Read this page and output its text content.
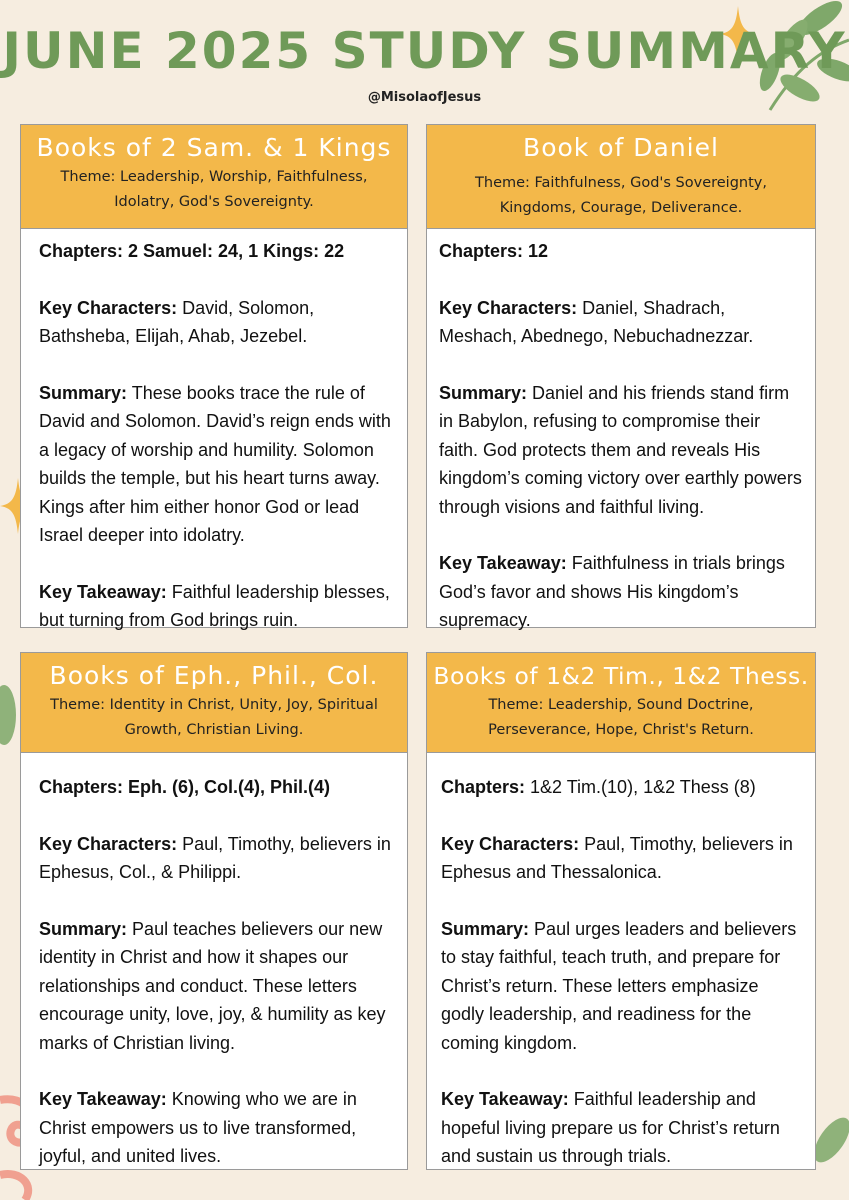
JUNE 2025 STUDY SUMMARY
@MisolaofJesus
Books of 2 Sam. & 1 Kings
Theme: Leadership, Worship, Faithfulness, Idolatry, God's Sovereignty.

Chapters: 2 Samuel: 24, 1 Kings: 22

Key Characters: David, Solomon, Bathsheba, Elijah, Ahab, Jezebel.

Summary: These books trace the rule of David and Solomon. David’s reign ends with a legacy of worship and humility. Solomon builds the temple, but his heart turns away. Kings after him either honor God or lead Israel deeper into idolatry.

Key Takeaway: Faithful leadership blesses, but turning from God brings ruin.

Book of Daniel
Theme: Faithfulness, God's Sovereignty, Kingdoms, Courage, Deliverance.

Chapters: 12

Key Characters: Daniel, Shadrach, Meshach, Abednego, Nebuchadnezzar.

Summary: Daniel and his friends stand firm in Babylon, refusing to compromise their faith. God protects them and reveals His kingdom’s coming victory over earthly powers through visions and faithful living.

Key Takeaway: Faithfulness in trials brings God’s favor and shows His kingdom’s supremacy.

Books of Eph., Phil., Col.
Theme: Identity in Christ, Unity, Joy, Spiritual Growth, Christian Living.

Chapters: Eph. (6), Col.(4), Phil.(4)

Key Characters: Paul, Timothy, believers in Ephesus, Col., & Philippi.

Summary: Paul teaches believers our new identity in Christ and how it shapes our relationships and conduct. These letters encourage unity, love, joy, & humility as key marks of Christian living.

Key Takeaway: Knowing who we are in Christ empowers us to live transformed, joyful, and united lives.

Books of 1&2 Tim., 1&2 Thess.
Theme: Leadership, Sound Doctrine, Perseverance, Hope, Christ's Return.

Chapters: 1&2 Tim.(10), 1&2 Thess (8)

Key Characters: Paul, Timothy, believers in Ephesus and Thessalonica.

Summary: Paul urges leaders and believers to stay faithful, teach truth, and prepare for Christ’s return. These letters emphasize godly leadership, and readiness for the coming kingdom.

Key Takeaway: Faithful leadership and hopeful living prepare us for Christ’s return and sustain us through trials.
